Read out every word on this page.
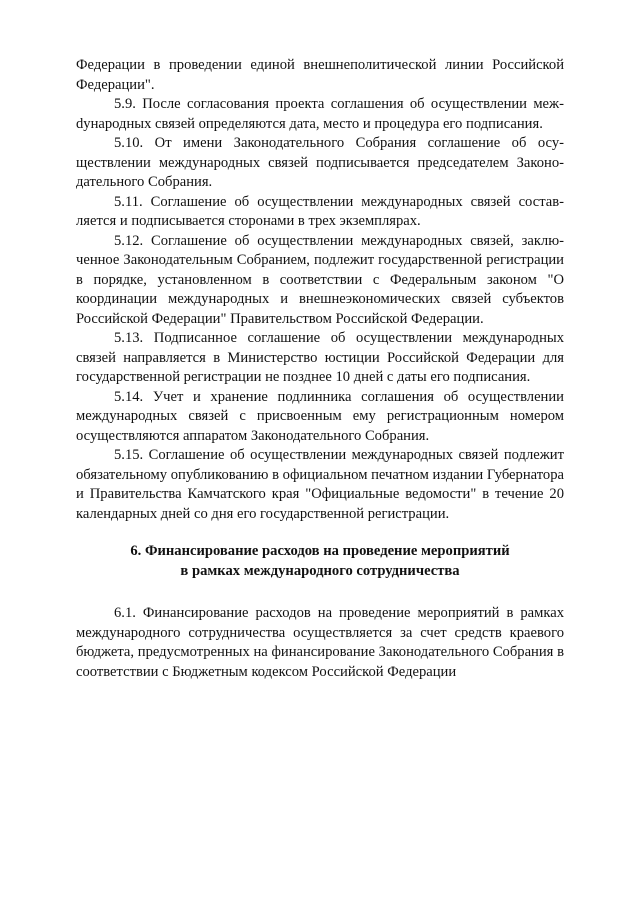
Федерации в проведении единой внешнеполитической линии Российской Федерации".

5.9. После согласования проекта соглашения об осуществлении межdународных связей определяются дата, место и процедура его подписания.

5.10. От имени Законодательного Собрания соглашение об осуществлении международных связей подписывается председателем Законодательного Собрания.

5.11. Соглашение об осуществлении международных связей составляется и подписывается сторонами в трех экземплярах.

5.12. Соглашение об осуществлении международных связей, заключенное Законодательным Собранием, подлежит государственной регистрации в порядке, установленном в соответствии с Федеральным законом "О координации международных и внешнеэкономических связей субъектов Российской Федерации" Правительством Российской Федерации.

5.13. Подписанное соглашение об осуществлении международных связей направляется в Министерство юстиции Российской Федерации для государственной регистрации не позднее 10 дней с даты его подписания.

5.14. Учет и хранение подлинника соглашения об осуществлении международных связей с присвоенным ему регистрационным номером осуществляются аппаратом Законодательного Собрания.

5.15. Соглашение об осуществлении международных связей подлежит обязательному опубликованию в официальном печатном издании Губернатора и Правительства Камчатского края "Официальные ведомости" в течение 20 календарных дней со дня его государственной регистрации.

6. Финансирование расходов на проведение мероприятий
в рамках международного сотрудничества

6.1. Финансирование расходов на проведение мероприятий в рамках международного сотрудничества осуществляется за счет средств краевого бюджета, предусмотренных на финансирование Законодательного Собрания в соответствии с Бюджетным кодексом Российской Федерации
